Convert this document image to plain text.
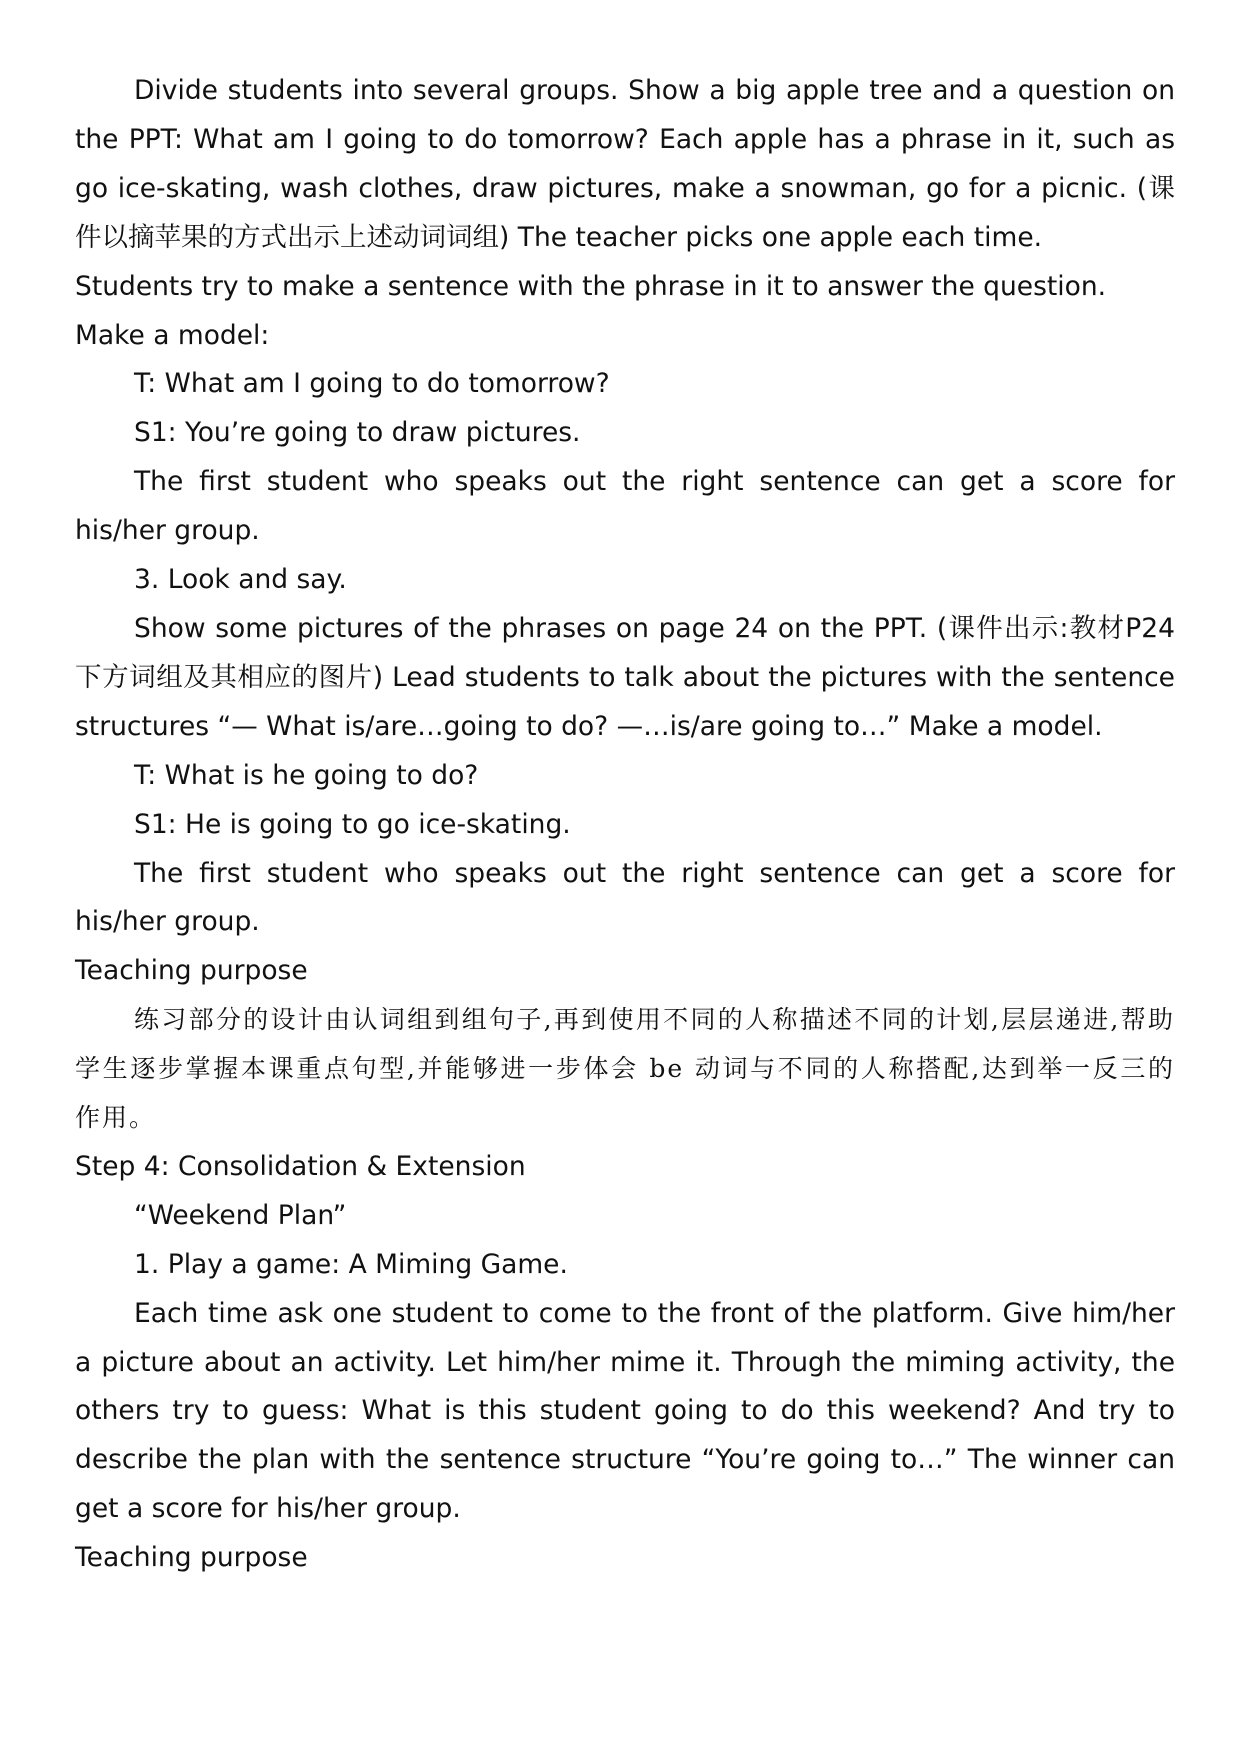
Divide students into several groups. Show a big apple tree and a question on the PPT: What am I going to do tomorrow? Each apple has a phrase in it, such as go ice-skating, wash clothes, draw pictures, make a snowman, go for a picnic. (课件以摘苹果的方式出示上述动词词组) The teacher picks one apple each time.

Students try to make a sentence with the phrase in it to answer the question.

Make a model:

T: What am I going to do tomorrow?

S1: You’re going to draw pictures.

The first student who speaks out the right sentence can get a score for his/her group.

3. Look and say.

Show some pictures of the phrases on page 24 on the PPT. (课件出示:教材P24 下方词组及其相应的图片) Lead students to talk about the pictures with the sentence structures “— What is/are…going to do? —…is/are going to…” Make a model.

T: What is he going to do?

S1: He is going to go ice-skating.

The first student who speaks out the right sentence can get a score for his/her group.

Teaching purpose

练习部分的设计由认词组到组句子,再到使用不同的人称描述不同的计划,层层递进,帮助学生逐步掌握本课重点句型,并能够进一步体会 be 动词与不同的人称搭配,达到举一反三的作用。

Step 4: Consolidation & Extension

“Weekend Plan”

1. Play a game: A Miming Game.

Each time ask one student to come to the front of the platform. Give him/her a picture about an activity. Let him/her mime it. Through the miming activity, the others try to guess: What is this student going to do this weekend? And try to describe the plan with the sentence structure “You’re going to…” The winner can get a score for his/her group.

Teaching purpose
